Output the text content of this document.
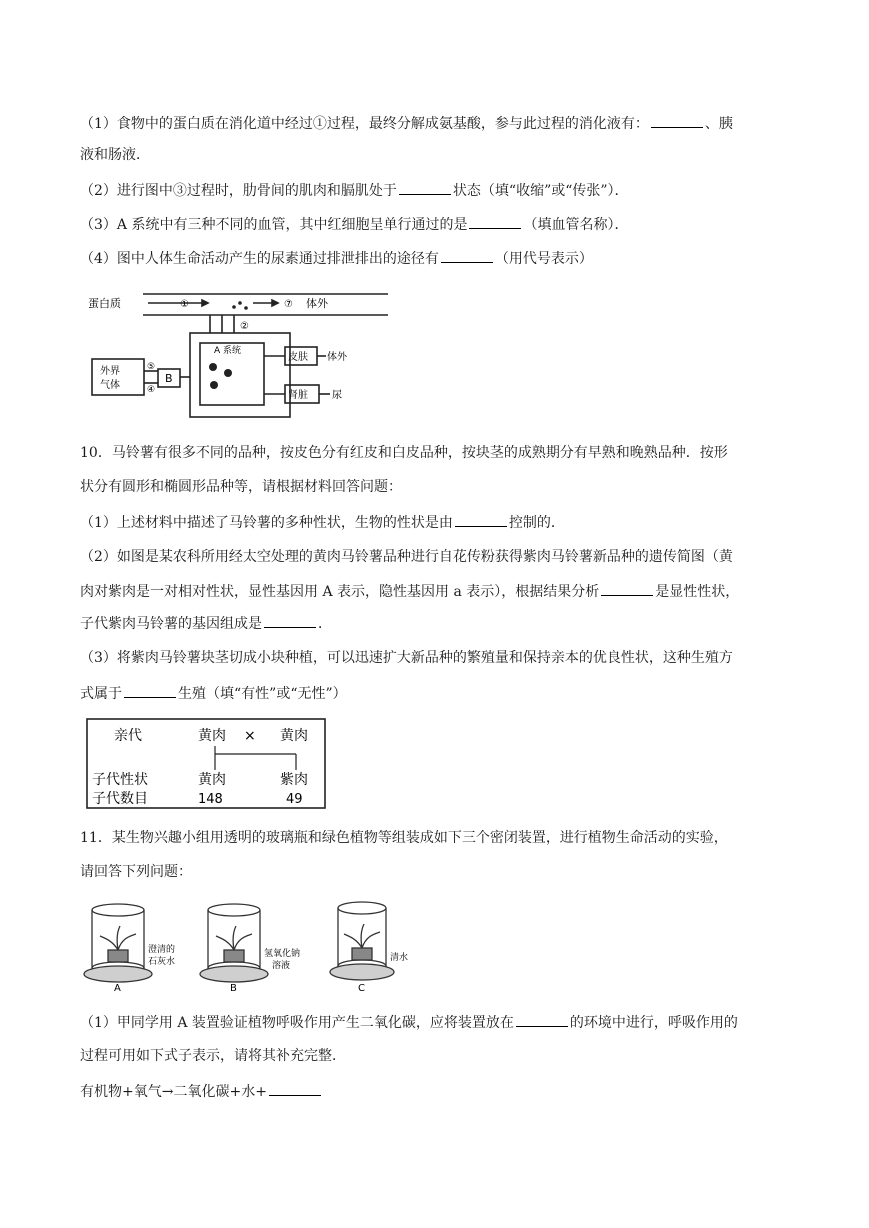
（1）食物中的蛋白质在消化道中经过①过程，最终分解成氨基酸，参与此过程的消化液有：	、胰
液和肠液．
（2）进行图中③过程时，肋骨间的肌肉和膈肌处于	状态（填“收缩”或“传张”）．
（3）A 系统中有三种不同的血管，其中红细胞呈单行通过的是	（填血管名称）．
（4）图中人体生命活动产生的尿素通过排泄排出的途径有	（用代号表示）
蛋白质	①	⑦ 体外
②
A 系统
外界
气体
⑤
④
B
皮肤 体外
肾脏 尿
10．马铃薯有很多不同的品种，按皮色分有红皮和白皮品种，按块茎的成熟期分有早熟和晚熟品种．按形
状分有圆形和椭圆形品种等，请根据材料回答问题：
（1）上述材料中描述了马铃薯的多种性状，生物的性状是由	控制的．
（2）如图是某农科所用经太空处理的黄肉马铃薯品种进行自花传粉获得紫肉马铃薯新品种的遗传简图（黄
肉对紫肉是一对相对性状，显性基因用 A 表示，隐性基因用 a 表示），根据结果分析	是显性性状，
子代紫肉马铃薯的基因组成是	．
（3）将紫肉马铃薯块茎切成小块种植，可以迅速扩大新品种的繁殖量和保持亲本的优良性状，这种生殖方
式属于	生殖（填“有性”或“无性”）
亲代	黄肉 × 黄肉
子代性状	黄肉	紫肉
子代数目	148	49
11．某生物兴趣小组用透明的玻璃瓶和绿色植物等组装成如下三个密闭装置，进行植物生命活动的实验，
请回答下列问题：
澄清的
石灰水
氢氧化钠
溶液
清水
A	B	C
（1）甲同学用 A 装置验证植物呼吸作用产生二氧化碳，应将装置放在	的环境中进行，呼吸作用的
过程可用如下式子表示，请将其补充完整．
有机物+氧气→二氧化碳+水+
